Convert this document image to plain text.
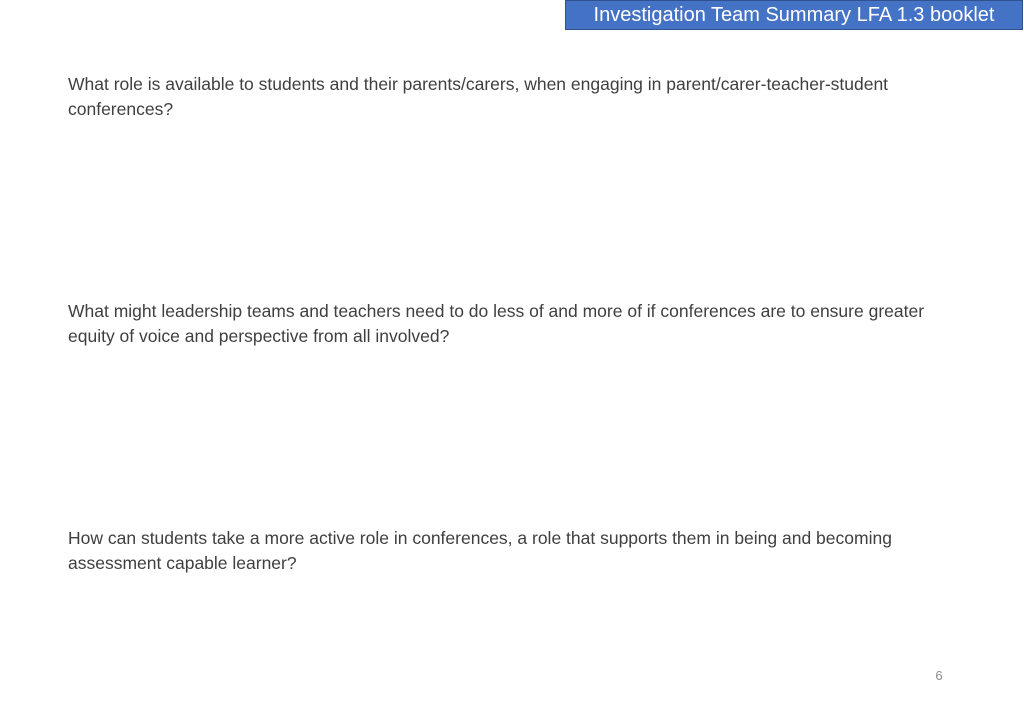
Investigation Team Summary LFA 1.3 booklet

What role is available to students and their parents/carers, when engaging in parent/carer-teacher-student conferences?

What might leadership teams and teachers need to do less of and more of if conferences are to ensure greater equity of voice and perspective from all involved?

How can students take a more active role in conferences, a role that supports them in being and becoming assessment capable learner?

6
